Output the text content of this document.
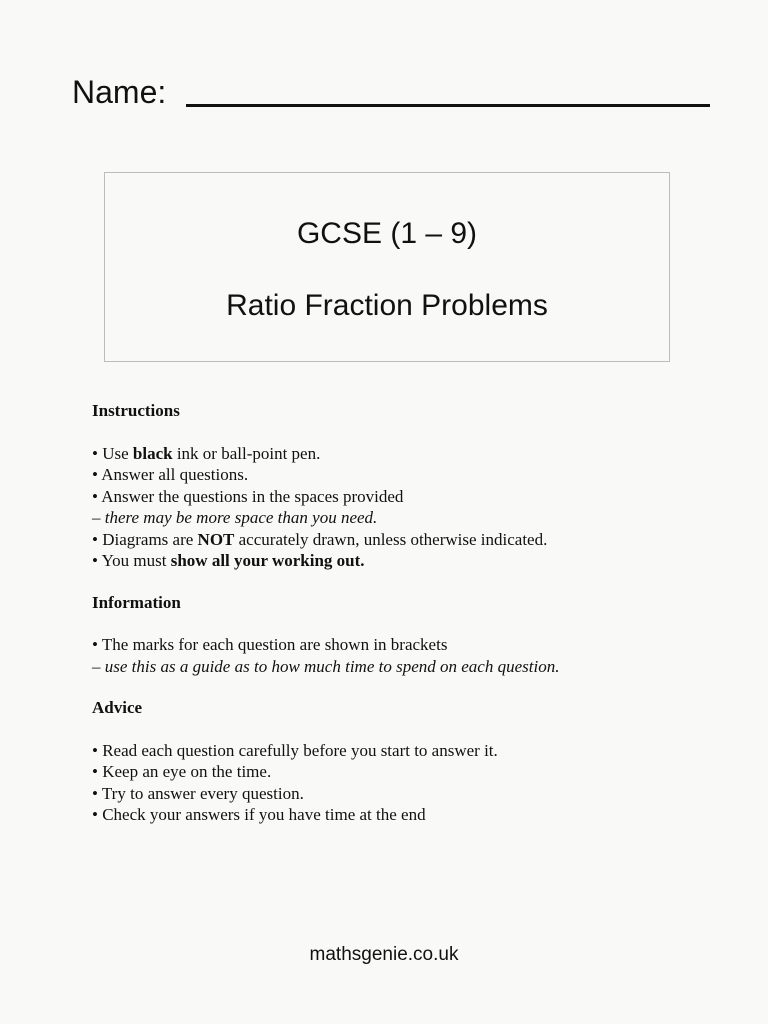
Name:
GCSE (1 – 9)
Ratio Fraction Problems
Instructions
• Use black ink or ball-point pen.
• Answer all questions.
• Answer the questions in the spaces provided
– there may be more space than you need.
• Diagrams are NOT accurately drawn, unless otherwise indicated.
• You must show all your working out.
Information
• The marks for each question are shown in brackets
– use this as a guide as to how much time to spend on each question.
Advice
• Read each question carefully before you start to answer it.
• Keep an eye on the time.
• Try to answer every question.
• Check your answers if you have time at the end
mathsgenie.co.uk
